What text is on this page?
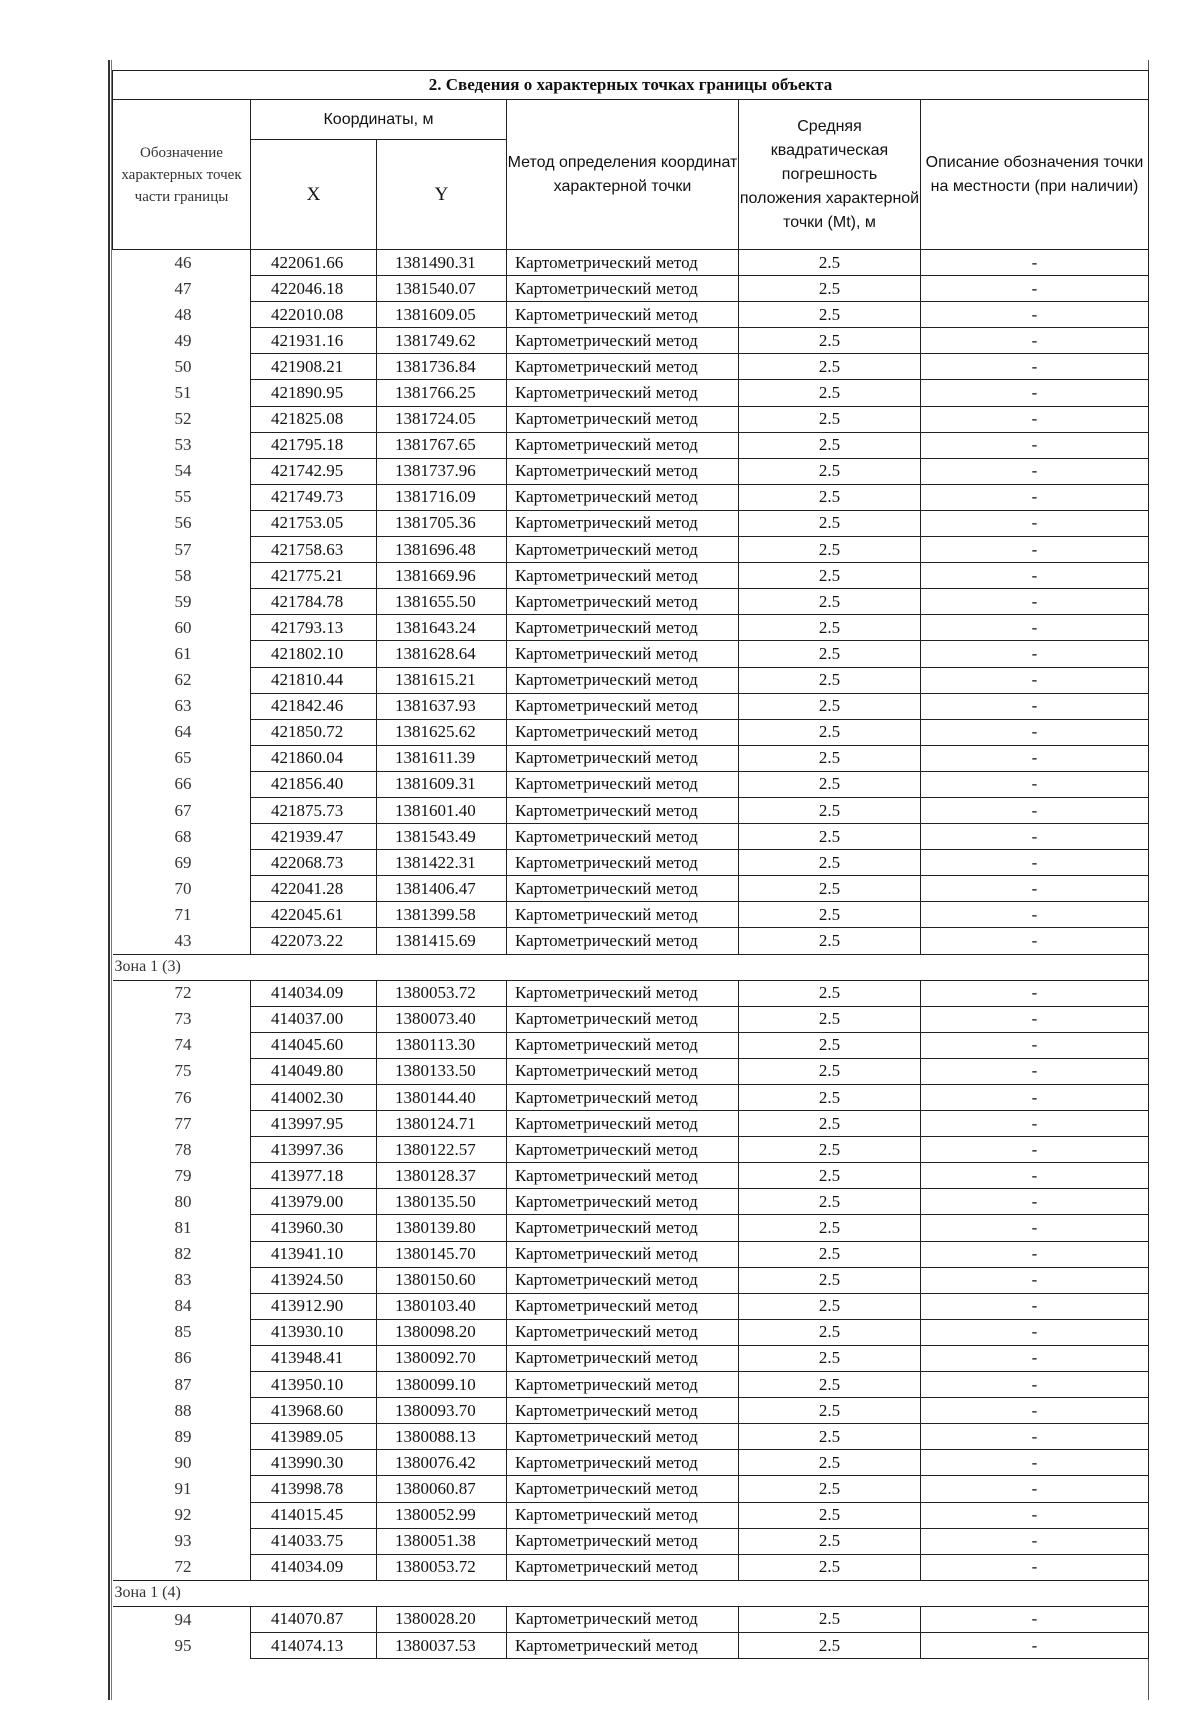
2. Сведения о характерных точках границы объекта					
Обозначение характерных точек части границы	Координаты, м		Метод определения координат характерной точки	Средняя квадратическая погрешность положения характерной точки (Mt), м	Описание обозначения точки на местности (при наличии)
	X	Y			
46	422061.66	1381490.31	Картометрический метод	2.5	-
47	422046.18	1381540.07	Картометрический метод	2.5	-
48	422010.08	1381609.05	Картометрический метод	2.5	-
49	421931.16	1381749.62	Картометрический метод	2.5	-
50	421908.21	1381736.84	Картометрический метод	2.5	-
51	421890.95	1381766.25	Картометрический метод	2.5	-
52	421825.08	1381724.05	Картометрический метод	2.5	-
53	421795.18	1381767.65	Картометрический метод	2.5	-
54	421742.95	1381737.96	Картометрический метод	2.5	-
55	421749.73	1381716.09	Картометрический метод	2.5	-
56	421753.05	1381705.36	Картометрический метод	2.5	-
57	421758.63	1381696.48	Картометрический метод	2.5	-
58	421775.21	1381669.96	Картометрический метод	2.5	-
59	421784.78	1381655.50	Картометрический метод	2.5	-
60	421793.13	1381643.24	Картометрический метод	2.5	-
61	421802.10	1381628.64	Картометрический метод	2.5	-
62	421810.44	1381615.21	Картометрический метод	2.5	-
63	421842.46	1381637.93	Картометрический метод	2.5	-
64	421850.72	1381625.62	Картометрический метод	2.5	-
65	421860.04	1381611.39	Картометрический метод	2.5	-
66	421856.40	1381609.31	Картометрический метод	2.5	-
67	421875.73	1381601.40	Картометрический метод	2.5	-
68	421939.47	1381543.49	Картометрический метод	2.5	-
69	422068.73	1381422.31	Картометрический метод	2.5	-
70	422041.28	1381406.47	Картометрический метод	2.5	-
71	422045.61	1381399.58	Картометрический метод	2.5	-
43	422073.22	1381415.69	Картометрический метод	2.5	-
Зона 1 (3)					
72	414034.09	1380053.72	Картометрический метод	2.5	-
73	414037.00	1380073.40	Картометрический метод	2.5	-
74	414045.60	1380113.30	Картометрический метод	2.5	-
75	414049.80	1380133.50	Картометрический метод	2.5	-
76	414002.30	1380144.40	Картометрический метод	2.5	-
77	413997.95	1380124.71	Картометрический метод	2.5	-
78	413997.36	1380122.57	Картометрический метод	2.5	-
79	413977.18	1380128.37	Картометрический метод	2.5	-
80	413979.00	1380135.50	Картометрический метод	2.5	-
81	413960.30	1380139.80	Картометрический метод	2.5	-
82	413941.10	1380145.70	Картометрический метод	2.5	-
83	413924.50	1380150.60	Картометрический метод	2.5	-
84	413912.90	1380103.40	Картометрический метод	2.5	-
85	413930.10	1380098.20	Картометрический метод	2.5	-
86	413948.41	1380092.70	Картометрический метод	2.5	-
87	413950.10	1380099.10	Картометрический метод	2.5	-
88	413968.60	1380093.70	Картометрический метод	2.5	-
89	413989.05	1380088.13	Картометрический метод	2.5	-
90	413990.30	1380076.42	Картометрический метод	2.5	-
91	413998.78	1380060.87	Картометрический метод	2.5	-
92	414015.45	1380052.99	Картометрический метод	2.5	-
93	414033.75	1380051.38	Картометрический метод	2.5	-
72	414034.09	1380053.72	Картометрический метод	2.5	-
Зона 1 (4)					
94	414070.87	1380028.20	Картометрический метод	2.5	-
95	414074.13	1380037.53	Картометрический метод	2.5	-
